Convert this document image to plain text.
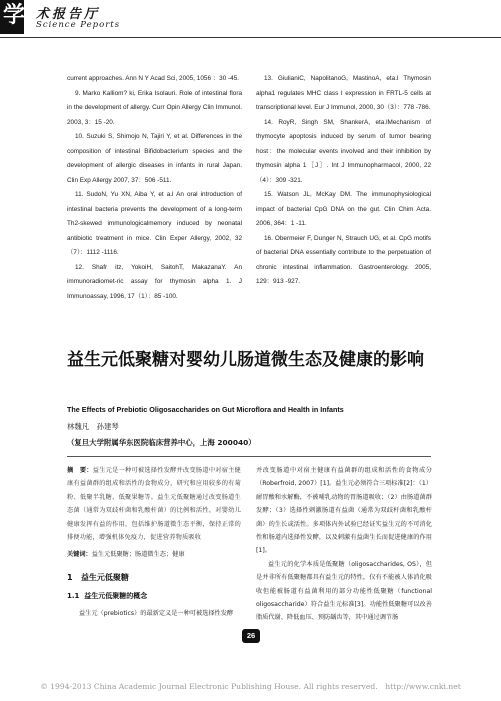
学 术报告厅
Science Peports

current approaches. Ann N Y Acad Sci, 2005, 1056 ：30 -45.

9. Marko Kalliom? ki, Erika Isolauri. Role of intestinal flora in the development of allergy. Curr Opin Allergy Clin Immunol. 2003, 3：15 -20.

10. Suzuki S, Shimojo N, Tajiri Y, et al. Differences in the composition of intestinal Bifidobacterium species and the development of allergic diseases in infants in rural Japan. Clin Exp Allergy 2007, 37：506 -511.

11. SudoN, Yu XN, Aiba Y, et a.l An oral introduction of intestinal bacteria prevents the development of a long-term Th2-skewed immunologicalmemory induced by neonatal antibiotic treatment in mice. Clin Exper Allergy, 2002, 32（7）：1112 -1116.

12. Shafr itz, YokoiH, SaitohT, MakazanaY. An immunoradiomet-ric assay for thymosin alpha 1. J Immunoassay, 1996, 17（1）：85 -100.

13. GiulianiC, NapolitanoG, MastinoA, eta.l Thymosin alpha1 regulates MHC class I expression in FRTL-5 cells at transcriptional level. Eur J Immunol, 2000, 30（3）：778 -786.

14. RoyR, Singh SM, ShankerA, eta.lMechanism of thymocyte apoptosis induced by serum of tumor bearing host：the molecular events involved and their inhibition by thymosin alpha 1［J］. Int J Immunopharmacol, 2000, 22（4）：309 -321.

15. Watson JL, McKay DM. The immunophysiological impact of bacterial CpG DNA on the gut. Clin Chim Acta. 2006, 364：1 -11.

16. Obermeier F, Dunger N, Strauch UG, et al. CpG motifs of bacterial DNA essentially contribute to the perpetuation of chronic intestinal inflammation. Gastroenterology. 2005, 129：913 -927.

益生元低聚糖对婴幼儿肠道微生态及健康的影响
The Effects of Prebiotic Oligosaccharides on Gut Microflora and Health in Infants
林魏凡　孙建琴
（复旦大学附属华东医院临床营养中心，上海 200040）

摘　要：益生元是一种可被选择性发酵并改变肠道中对宿主健康有益菌群的组成和活性的食物成分，研究和应用较多的有菊粉、低聚半乳糖、低聚果糖等。益生元低聚糖通过改变肠道生态菌（通常为双歧杆菌和乳酸杆菌）的比例和活性，对婴幼儿健康发挥有益的作用，包括维护肠道微生态平衡，保持正常的排便功能，增强机体免疫力，促进营养物质吸收

关键词：益生元低聚糖；肠道微生态；健康

1 益生元低聚糖

1.1 益生元低聚糖的概念

益生元（prebiotics）的最新定义是一种可被选择性发酵

并改变肠道中对宿主健康有益菌群的组成和活性的食物成分（Roberfroid, 2007）[1]。益生元必须符合三项标准[2]：（1）耐胃酸和水解酶，不被哺乳动物的胃肠道吸收；（2）由肠道菌群发酵；（3）选择性刺激肠道有益菌（通常为双歧杆菌和乳酸杆菌）的生长或活性。多项体内外试验已经证实益生元的不可消化性和肠道内选择性发酵，以及刺激有益菌生长而促进健康的作用[1]。

益生元的化学本质是低聚糖（oligosaccharides, OS），但是并非所有低聚糖都具有益生元的特性，仅有不能被人体消化吸收但能被肠道有益菌利用的部分功能性低聚糖（functional oligosaccharide）符合益生元标准[3]。功能性低聚糖可以改善脂质代谢、降低血压、预防龋齿等，其中通过调节肠

26
© 1994-2013 China Academic Journal Electronic Publishing House. All rights reserved.　http://www.cnki.net
